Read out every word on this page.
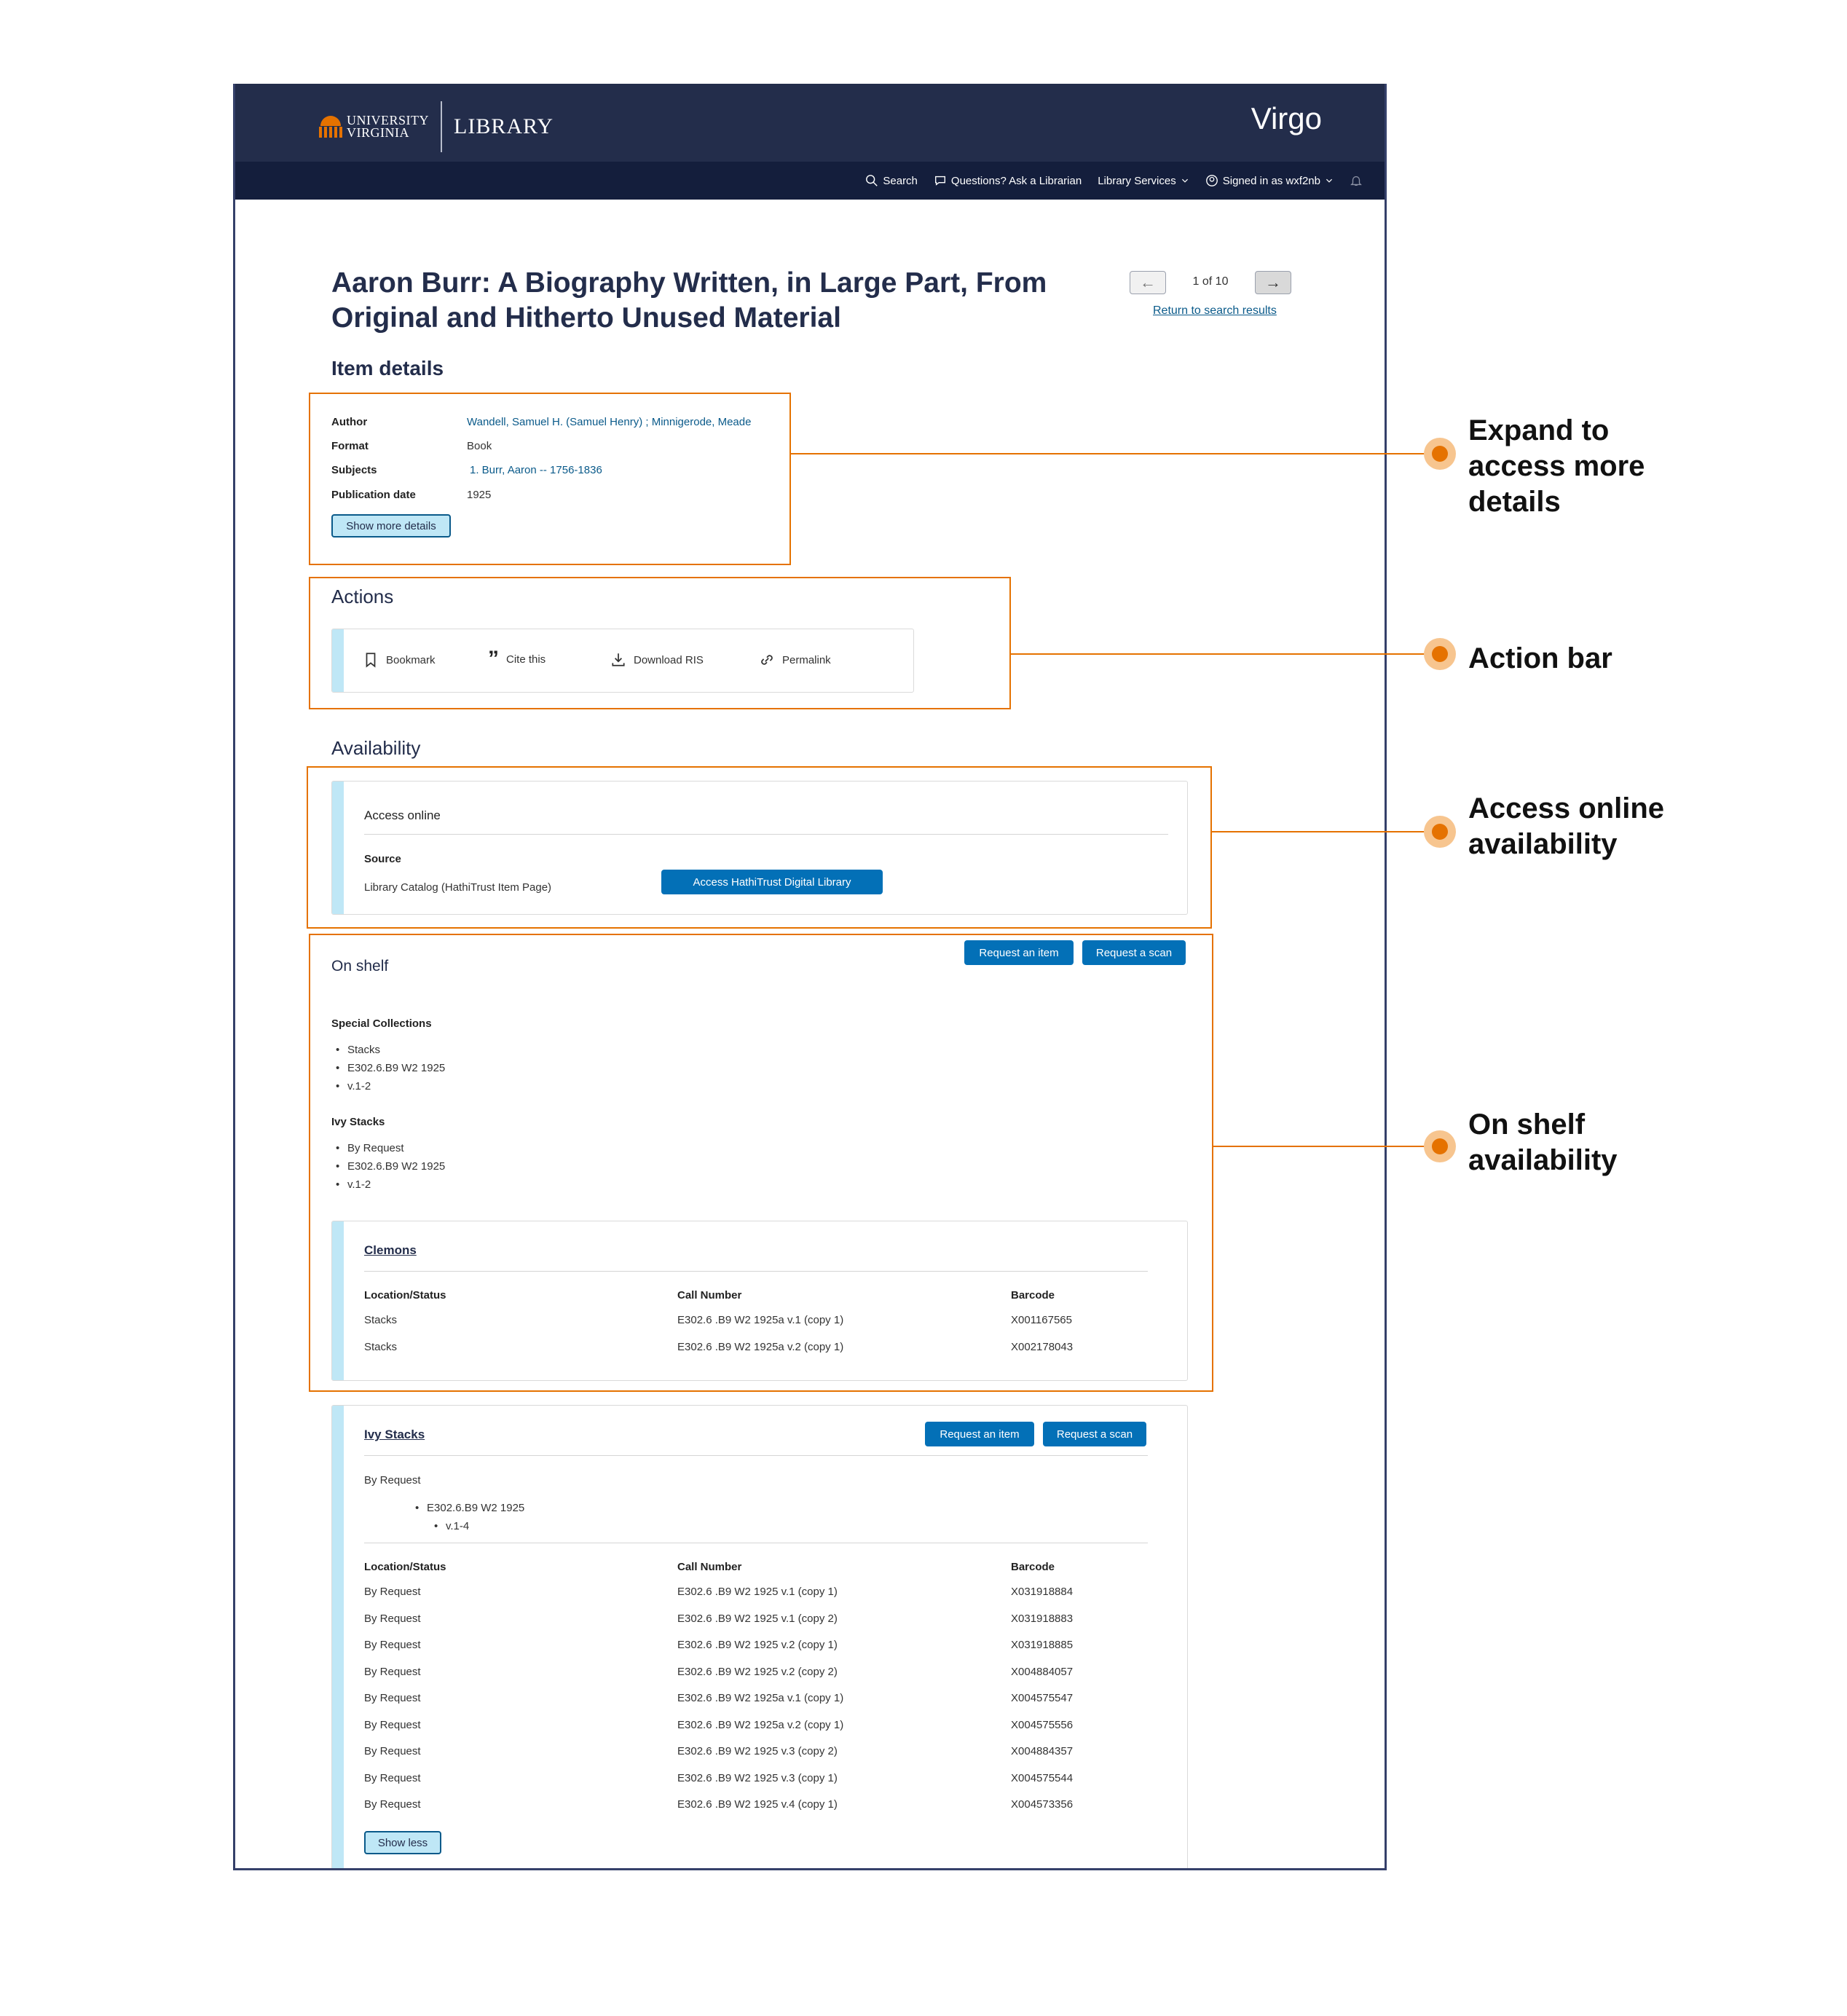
UNIVERSITY
VIRGINIA	LIBRARY	Virgo
Search	Questions? Ask a Librarian Library Services	Signed in as wxf2nb
Aaron Burr: A Biography Written, in Large Part, From
Original and Hitherto Unused Material
←	1 of 10	→
Return to search results
Item details
Author	Wandell, Samuel H. (Samuel Henry) ; Minnigerode, Meade
Format	Book
Subjects	1. Burr, Aaron -- 1756-1836
Publication date	1925
Show more details
Actions
Bookmark ” Cite this	Download RIS	Permalink
Availability
Access online
Source
Library Catalog (HathiTrust Item Page)	Access HathiTrust Digital Library
Request an item	Request a scan
On shelf
Special Collections
• Stacks
• E302.6.B9 W2 1925
• v.1-2
Ivy Stacks
• By Request
• E302.6.B9 W2 1925
• v.1-2
Clemons
Location/Status	Call Number	Barcode
Stacks	E302.6 .B9 W2 1925a v.1 (copy 1)	X001167565
Stacks	E302.6 .B9 W2 1925a v.2 (copy 1)	X002178043
Ivy Stacks	Request an item	Request a scan
By Request
• E302.6.B9 W2 1925
• v.1-4
Location/Status	Call Number	Barcode
By Request	E302.6 .B9 W2 1925 v.1 (copy 1)	X031918884
By Request	E302.6 .B9 W2 1925 v.1 (copy 2)	X031918883
By Request	E302.6 .B9 W2 1925 v.2 (copy 1)	X031918885
By Request	E302.6 .B9 W2 1925 v.2 (copy 2)	X004884057
By Request	E302.6 .B9 W2 1925a v.1 (copy 1)	X004575547
By Request	E302.6 .B9 W2 1925a v.2 (copy 1)	X004575556
By Request	E302.6 .B9 W2 1925 v.3 (copy 2)	X004884357
By Request	E302.6 .B9 W2 1925 v.3 (copy 1)	X004575544
By Request	E302.6 .B9 W2 1925 v.4 (copy 1)	X004573356
Show less
Expand to
access more
details
Action bar
Access online
availability
On shelf
availability
